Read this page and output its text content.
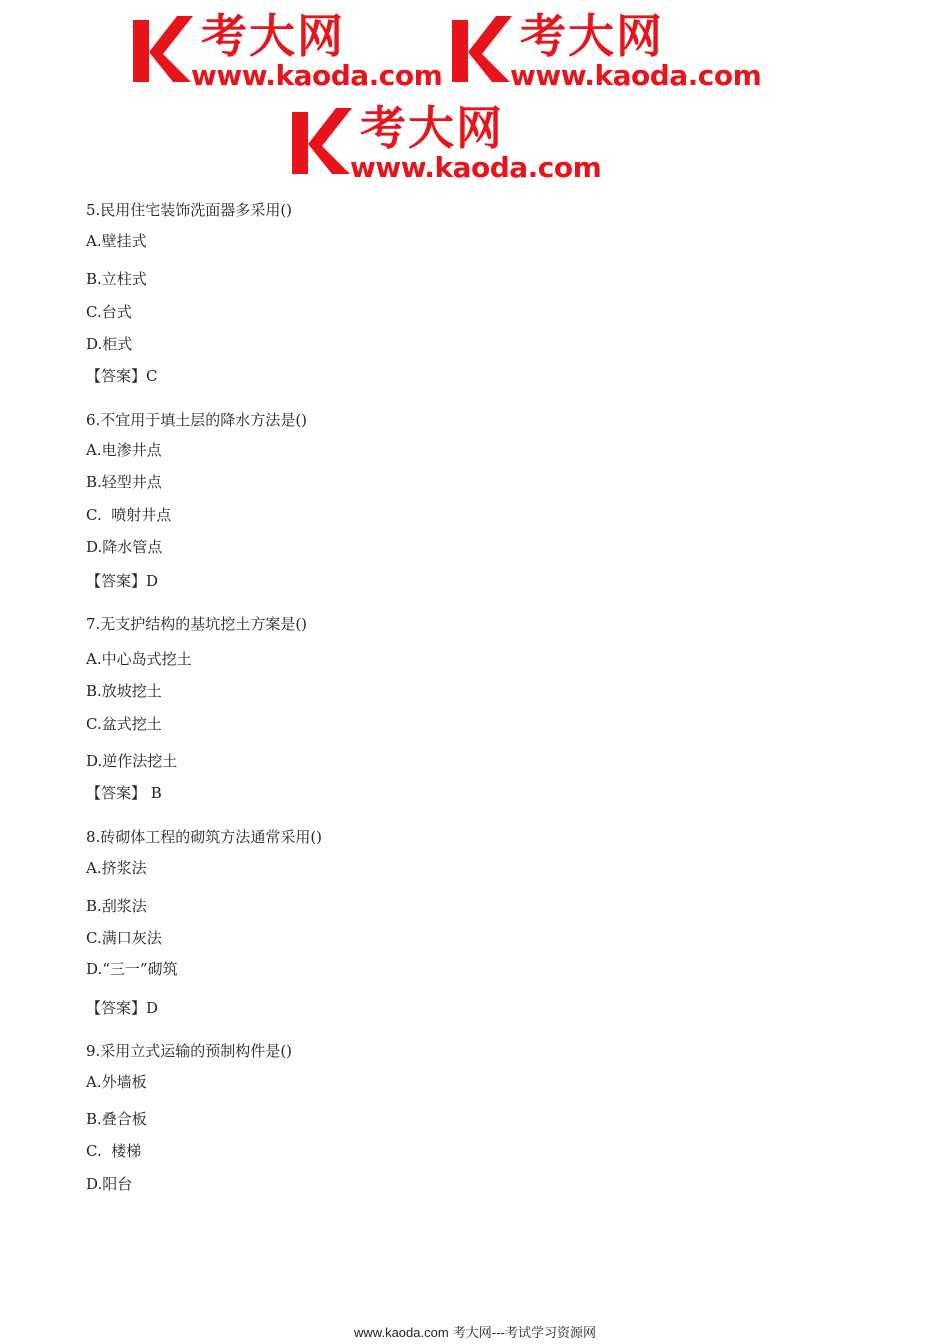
考大网
www.kaoda.com
考大网
www.kaoda.com
考大网
www.kaoda.com
5.民用住宅装饰洗面器多采用()
A.壁挂式
B.立柱式
C.台式
D.柜式
【答案】C
6.不宜用于填土层的降水方法是()
A.电渗井点
B.轻型井点
C.  喷射井点
D.降水管点
【答案】D
7.无支护结构的基坑挖土方案是()
A.中心岛式挖土
B.放坡挖土
C.盆式挖土
D.逆作法挖土
【答案】 B
8.砖砌体工程的砌筑方法通常采用()
A.挤浆法
B.刮浆法
C.满口灰法
D.“三一”砌筑
【答案】D
9.采用立式运输的预制构件是()
A.外墙板
B.叠合板
C.  楼梯
D.阳台
www.kaoda.com 考大网---考试学习资源网
